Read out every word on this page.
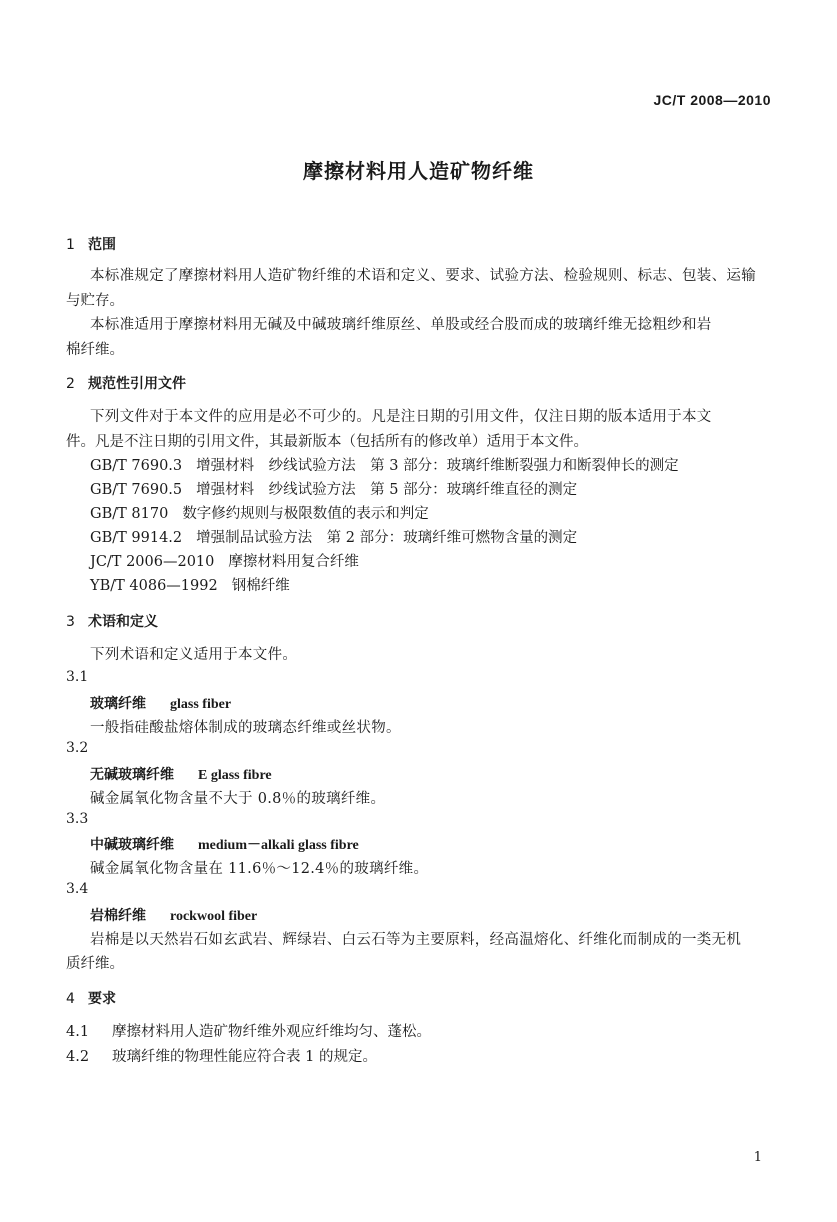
JC/T 2008—2010
摩擦材料用人造矿物纤维
1 范围
本标准规定了摩擦材料用人造矿物纤维的术语和定义、要求、试验方法、检验规则、标志、包装、运输
与贮存。
本标准适用于摩擦材料用无碱及中碱玻璃纤维原丝、单股或经合股而成的玻璃纤维无捻粗纱和岩
棉纤维。
2 规范性引用文件
下列文件对于本文件的应用是必不可少的。凡是注日期的引用文件，仅注日期的版本适用于本文
件。凡是不注日期的引用文件，其最新版本（包括所有的修改单）适用于本文件。
GB/T 7690.3 增强材料　纱线试验方法　第 3 部分：玻璃纤维断裂强力和断裂伸长的测定
GB/T 7690.5 增强材料　纱线试验方法　第 5 部分：玻璃纤维直径的测定
GB/T 8170 数字修约规则与极限数值的表示和判定
GB/T 9914.2 增强制品试验方法　第 2 部分：玻璃纤维可燃物含量的测定
JC/T 2006—2010 摩擦材料用复合纤维
YB/T 4086—1992 钢棉纤维
3 术语和定义
下列术语和定义适用于本文件。
3.1
玻璃纤维 glass fiber
一般指硅酸盐熔体制成的玻璃态纤维或丝状物。
3.2
无碱玻璃纤维 E glass fibre
碱金属氧化物含量不大于 0.8％的玻璃纤维。
3.3
中碱玻璃纤维 medium－alkali glass fibre
碱金属氧化物含量在 11.6％～12.4％的玻璃纤维。
3.4
岩棉纤维 rockwool fiber
岩棉是以天然岩石如玄武岩、辉绿岩、白云石等为主要原料，经高温熔化、纤维化而制成的一类无机
质纤维。
4 要求
4.1 摩擦材料用人造矿物纤维外观应纤维均匀、蓬松。
4.2 玻璃纤维的物理性能应符合表 1 的规定。
1
